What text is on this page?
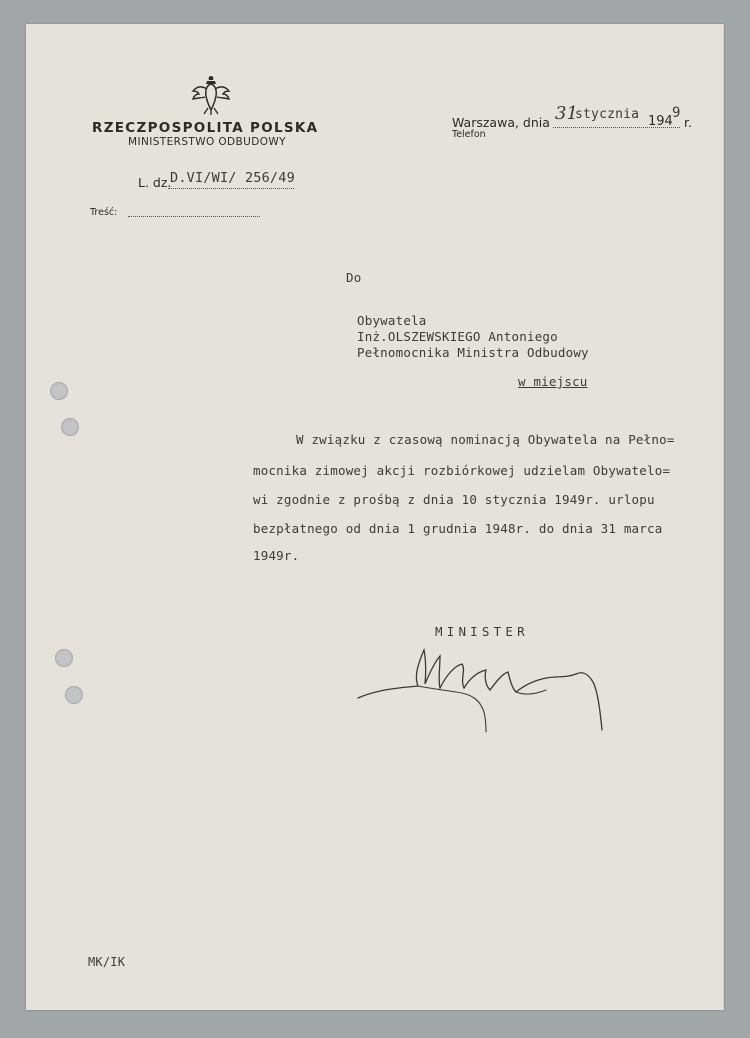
RZECZPOSPOLITA POLSKA
MINISTERSTWO ODBUDOWY
Warszawa, dnia 31
stycznia 194
9
r.
Telefon
L. dz.
D.VI/WI/ 256/49
Treść:
Do
Obywatela
Inż.OLSZEWSKIEGO Antoniego
Pełnomocnika Ministra Odbudowy
w miejscu
W związku z czasową nominacją Obywatela na Pełno=
mocnika zimowej akcji rozbiórkowej udzielam Obywatelo=
wi zgodnie z prośbą z dnia 10 stycznia 1949r. urlopu
bezpłatnego od dnia 1 grudnia 1948r. do dnia 31 marca
1949r.
MINISTER
MK/IK
